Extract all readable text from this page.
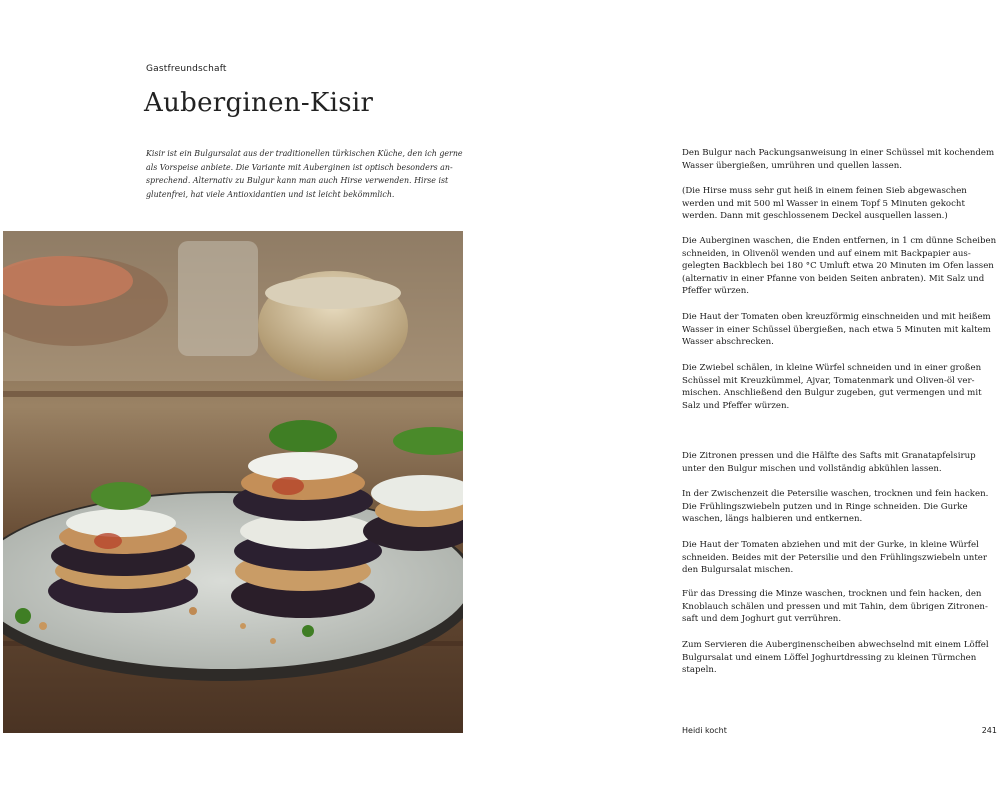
Gastfreundschaft
Auberginen-Kisir

Kisir ist ein Bulgursalat aus der traditionellen türkischen Küche, den ich gerne als Vorspeise anbiete. Die Variante mit Auberginen ist optisch besonders ansprechend. Alternativ zu Bulgur kann man auch Hirse verwenden. Hirse ist glutenfrei, hat viele Antioxidantien und ist leicht bekömmlich.

Den Bulgur nach Packungsanweisung in einer Schüssel mit kochendem Wasser übergießen, umrühren und quellen lassen.

(Die Hirse muss sehr gut heiß in einem feinen Sieb abgewaschen werden und mit 500 ml Wasser in einem Topf 5 Minuten gekocht werden. Dann mit geschlossenem Deckel ausquellen lassen.)

Die Auberginen waschen, die Enden entfernen, in 1 cm dünne Scheiben schneiden, in Olivenöl wenden und auf einem mit Backpapier ausgelegten Backblech bei 180 °C Umluft etwa 20 Minuten im Ofen lassen (alternativ in einer Pfanne von beiden Seiten anbraten). Mit Salz und Pfeffer würzen.

Die Haut der Tomaten oben kreuzförmig einschneiden und mit heißem Wasser in einer Schüssel übergießen, nach etwa 5 Minuten mit kaltem Wasser abschrecken.

Die Zwiebel schälen, in kleine Würfel schneiden und in einer großen Schüssel mit Kreuzkümmel, Ajvar, Tomatenmark und Oliven-öl vermischen. Anschließend den Bulgur zugeben, gut vermengen und mit Salz und Pfeffer würzen.

Die Zitronen pressen und die Hälfte des Safts mit Granatapfelsirup unter den Bulgur mischen und vollständig abkühlen lassen.

In der Zwischenzeit die Petersilie waschen, trocknen und fein hacken. Die Frühlingszwiebeln putzen und in Ringe schneiden. Die Gurke waschen, längs halbieren und entkernen.

Die Haut der Tomaten abziehen und mit der Gurke, in kleine Würfel schneiden. Beides mit der Petersilie und den Frühlingszwiebeln unter den Bulgursalat mischen.

Für das Dressing die Minze waschen, trocknen und fein hacken, den Knoblauch schälen und pressen und mit Tahin, dem übrigen Zitronensaft und dem Joghurt gut verrühren.

Zum Servieren die Auberginenscheiben abwechselnd mit einem Löffel Bulgursalat und einem Löffel Joghurtdressing zu kleinen Türmchen stapeln.

Heidi kocht	241
